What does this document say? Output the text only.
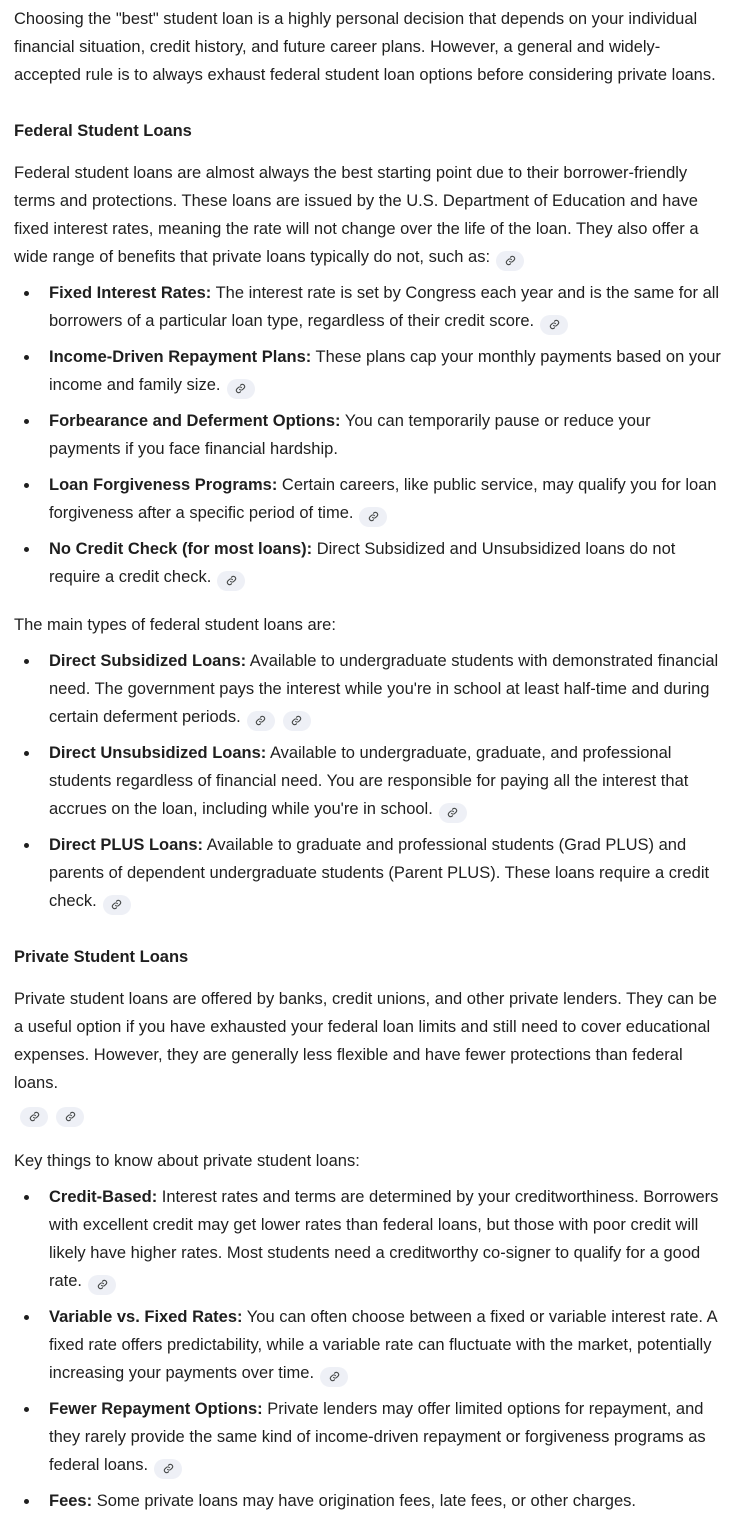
Choosing the "best" student loan is a highly personal decision that depends on your individual financial situation, credit history, and future career plans. However, a general and widely-accepted rule is to always exhaust federal student loan options before considering private loans.

Federal Student Loans

Federal student loans are almost always the best starting point due to their borrower-friendly terms and protections. These loans are issued by the U.S. Department of Education and have fixed interest rates, meaning the rate will not change over the life of the loan. They also offer a wide range of benefits that private loans typically do not, such as:

Fixed Interest Rates: The interest rate is set by Congress each year and is the same for all borrowers of a particular loan type, regardless of their credit score.
Income-Driven Repayment Plans: These plans cap your monthly payments based on your income and family size.
Forbearance and Deferment Options: You can temporarily pause or reduce your payments if you face financial hardship.
Loan Forgiveness Programs: Certain careers, like public service, may qualify you for loan forgiveness after a specific period of time.
No Credit Check (for most loans): Direct Subsidized and Unsubsidized loans do not require a credit check.

The main types of federal student loans are:

Direct Subsidized Loans: Available to undergraduate students with demonstrated financial need. The government pays the interest while you're in school at least half-time and during certain deferment periods.
Direct Unsubsidized Loans: Available to undergraduate, graduate, and professional students regardless of financial need. You are responsible for paying all the interest that accrues on the loan, including while you're in school.
Direct PLUS Loans: Available to graduate and professional students (Grad PLUS) and parents of dependent undergraduate students (Parent PLUS). These loans require a credit check.
Private Student Loans

Private student loans are offered by banks, credit unions, and other private lenders. They can be a useful option if you have exhausted your federal loan limits and still need to cover educational expenses. However, they are generally less flexible and have fewer protections than federal loans.

Key things to know about private student loans:

Credit-Based: Interest rates and terms are determined by your creditworthiness. Borrowers with excellent credit may get lower rates than federal loans, but those with poor credit will likely have higher rates. Most students need a creditworthy co-signer to qualify for a good rate.
Variable vs. Fixed Rates: You can often choose between a fixed or variable interest rate. A fixed rate offers predictability, while a variable rate can fluctuate with the market, potentially increasing your payments over time.
Fewer Repayment Options: Private lenders may offer limited options for repayment, and they rarely provide the same kind of income-driven repayment or forgiveness programs as federal loans.
Fees: Some private loans may have origination fees, late fees, or other charges.
